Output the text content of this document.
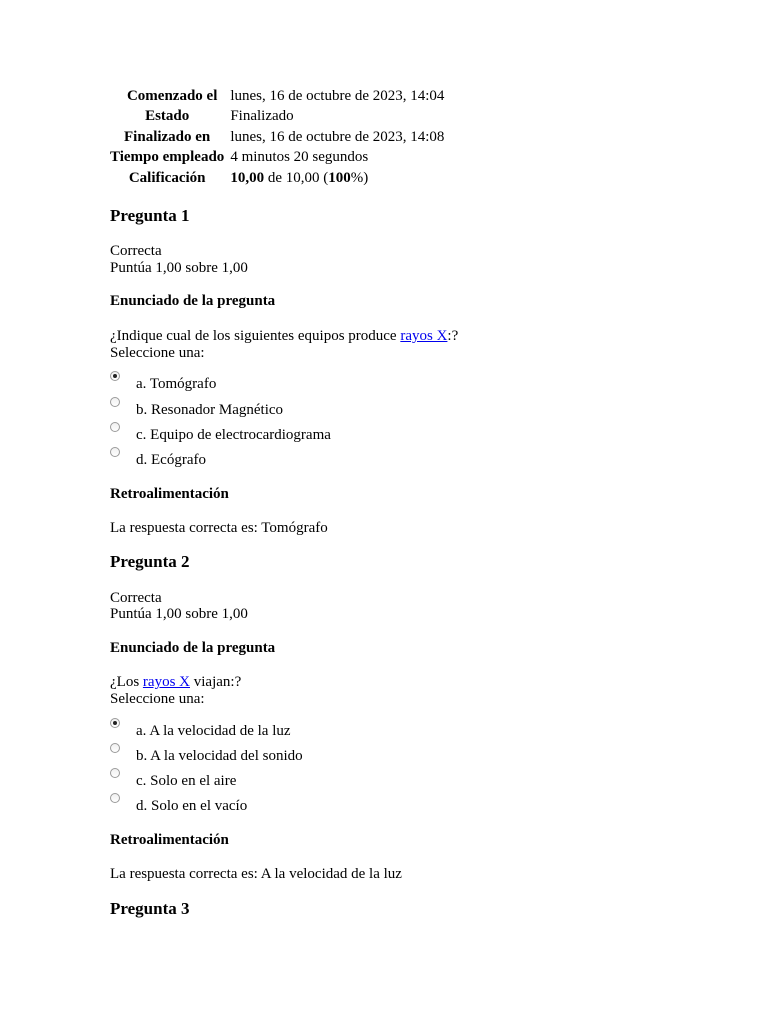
Comenzado el	lunes, 16 de octubre de 2023, 14:04
Estado	Finalizado
Finalizado en	lunes, 16 de octubre de 2023, 14:08
Tiempo empleado	4 minutos 20 segundos
Calificación	10,00 de 10,00 (100%)
Pregunta 1
Correcta
Puntúa 1,00 sobre 1,00
Enunciado de la pregunta
¿Indique cual de los siguientes equipos produce rayos X:?
Seleccione una:
a. Tomógrafo
b. Resonador Magnético
c. Equipo de electrocardiograma
d. Ecógrafo
Retroalimentación
La respuesta correcta es: Tomógrafo
Pregunta 2
Correcta
Puntúa 1,00 sobre 1,00
Enunciado de la pregunta
¿Los rayos X viajan:?
Seleccione una:
a. A la velocidad de la luz
b. A la velocidad del sonido
c. Solo en el aire
d. Solo en el vacío
Retroalimentación
La respuesta correcta es: A la velocidad de la luz
Pregunta 3
